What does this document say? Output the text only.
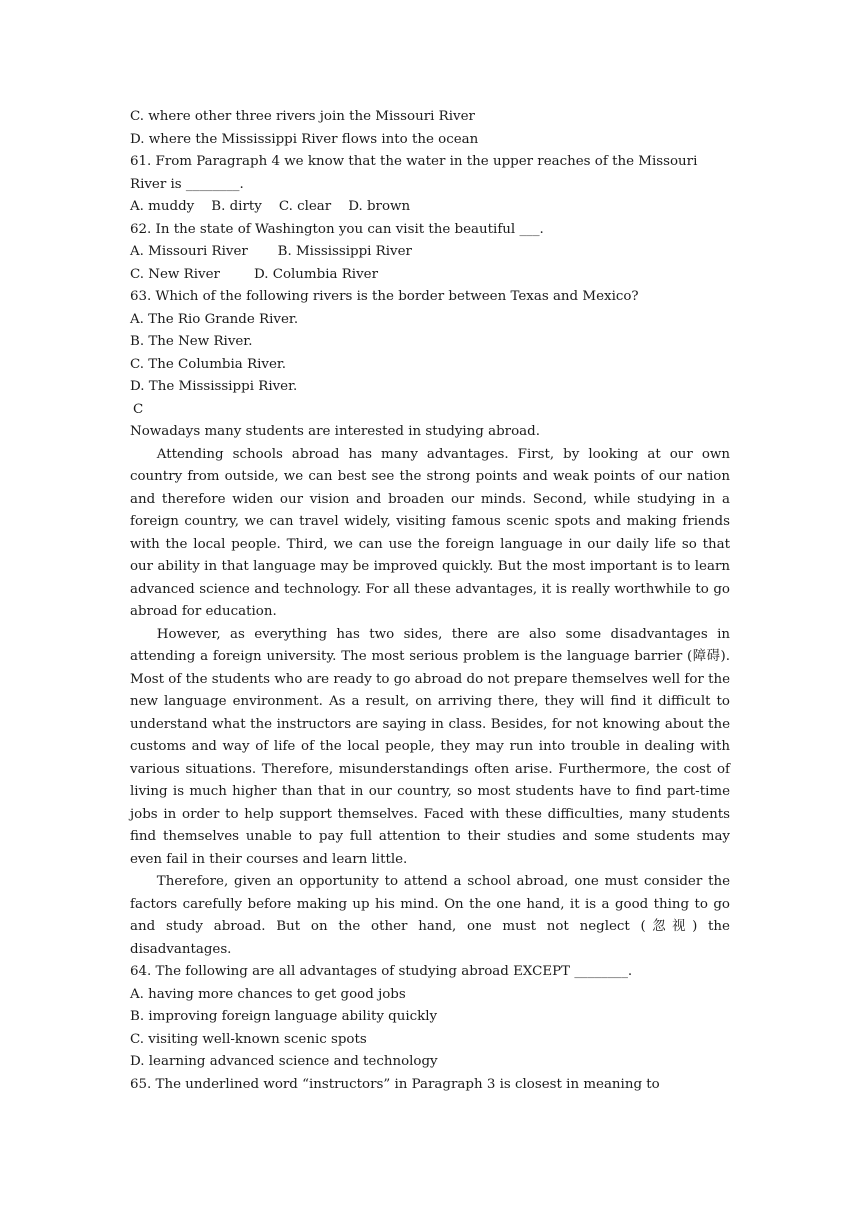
C. where other three rivers join the Missouri River
D. where the Mississippi River flows into the ocean
61. From Paragraph 4 we know that the water in the upper reaches of the Missouri
River is ________.
A. muddy    B. dirty    C. clear    D. brown
62. In the state of Washington you can visit the beautiful ___.
A. Missouri River       B. Mississippi River
C. New River        D. Columbia River
63. Which of the following rivers is the border between Texas and Mexico?
A. The Rio Grande River.
B. The New River.
C. The Columbia River.
D. The Mississippi River.
C
Nowadays many students are interested in studying abroad.

Attending schools abroad has many advantages. First, by looking at our own country from outside, we can best see the strong points and weak points of our nation and therefore widen our vision and broaden our minds. Second, while studying in a foreign country, we can travel widely, visiting famous scenic spots and making friends with the local people. Third, we can use the foreign language in our daily life so that our ability in that language may be improved quickly. But the most important is to learn advanced science and technology. For all these advantages, it is really worthwhile to go abroad for education.

However, as everything has two sides, there are also some disadvantages in attending a foreign university. The most serious problem is the language barrier (障碍). Most of the students who are ready to go abroad do not prepare themselves well for the new language environment. As a result, on arriving there, they will find it difficult to understand what the instructors are saying in class. Besides, for not knowing about the customs and way of life of the local people, they may run into trouble in dealing with various situations. Therefore, misunderstandings often arise. Furthermore, the cost of living is much higher than that in our country, so most students have to find part-time jobs in order to help support themselves. Faced with these difficulties, many students find themselves unable to pay full attention to their studies and some students may even fail in their courses and learn little.

Therefore, given an opportunity to attend a school abroad, one must consider the factors carefully before making up his mind. On the one hand, it is a good thing to go and study abroad. But on the other hand, one must not neglect (忽视) the disadvantages.

64. The following are all advantages of studying abroad EXCEPT ________.
A. having more chances to get good jobs
B. improving foreign language ability quickly
C. visiting well-known scenic spots
D. learning advanced science and technology
65. The underlined word “instructors” in Paragraph 3 is closest in meaning to
